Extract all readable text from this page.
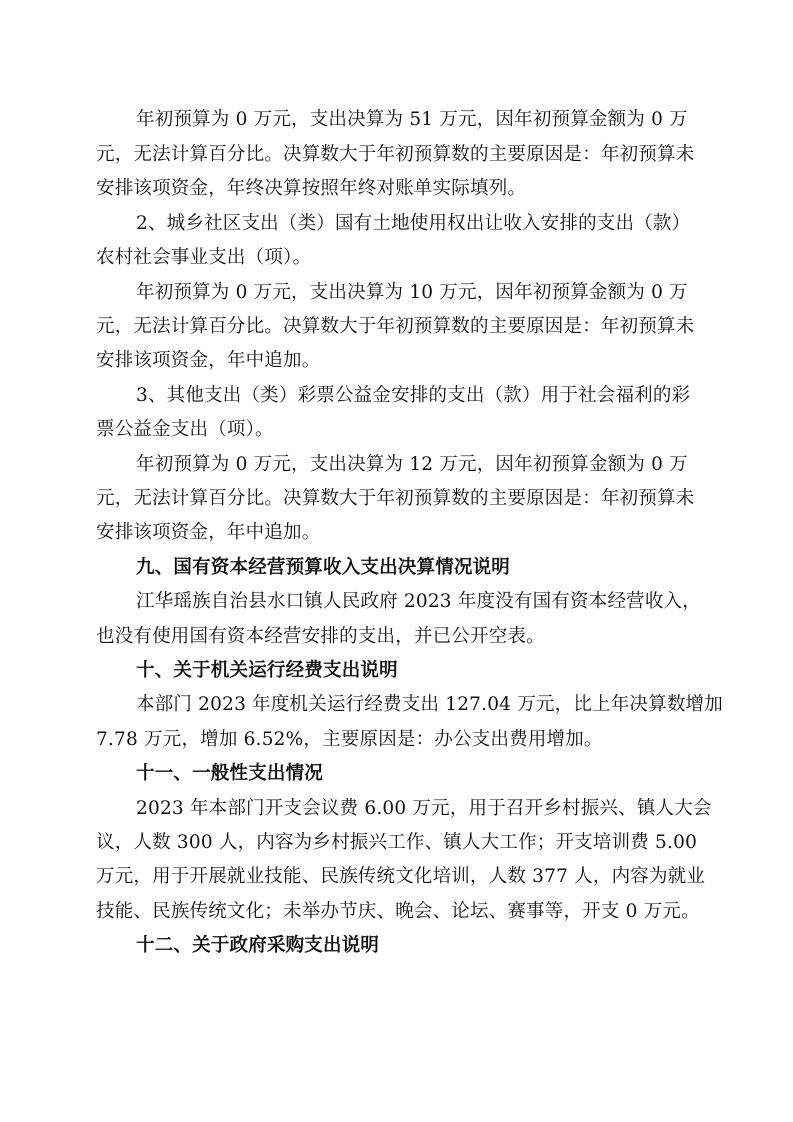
年初预算为 0 万元，支出决算为 51 万元，因年初预算金额为 0 万
元，无法计算百分比。决算数大于年初预算数的主要原因是：年初预算未
安排该项资金，年终决算按照年终对账单实际填列。
2、城乡社区支出（类）国有土地使用权出让收入安排的支出（款）
农村社会事业支出（项）。
年初预算为 0 万元，支出决算为 10 万元，因年初预算金额为 0 万
元，无法计算百分比。决算数大于年初预算数的主要原因是：年初预算未
安排该项资金，年中追加。
3、其他支出（类）彩票公益金安排的支出（款）用于社会福利的彩
票公益金支出（项）。
年初预算为 0 万元，支出决算为 12 万元，因年初预算金额为 0 万
元，无法计算百分比。决算数大于年初预算数的主要原因是：年初预算未
安排该项资金，年中追加。
九、国有资本经营预算收入支出决算情况说明
江华瑶族自治县水口镇人民政府 2023 年度没有国有资本经营收入，
也没有使用国有资本经营安排的支出，并已公开空表。
十、关于机关运行经费支出说明
本部门 2023 年度机关运行经费支出 127.04 万元，比上年决算数增加
7.78 万元，增加 6.52%，主要原因是：办公支出费用增加。
十一、一般性支出情况
2023 年本部门开支会议费 6.00 万元，用于召开乡村振兴、镇人大会
议，人数 300 人，内容为乡村振兴工作、镇人大工作；开支培训费 5.00
万元，用于开展就业技能、民族传统文化培训，人数 377 人，内容为就业
技能、民族传统文化；未举办节庆、晚会、论坛、赛事等，开支 0 万元。
十二、关于政府采购支出说明
